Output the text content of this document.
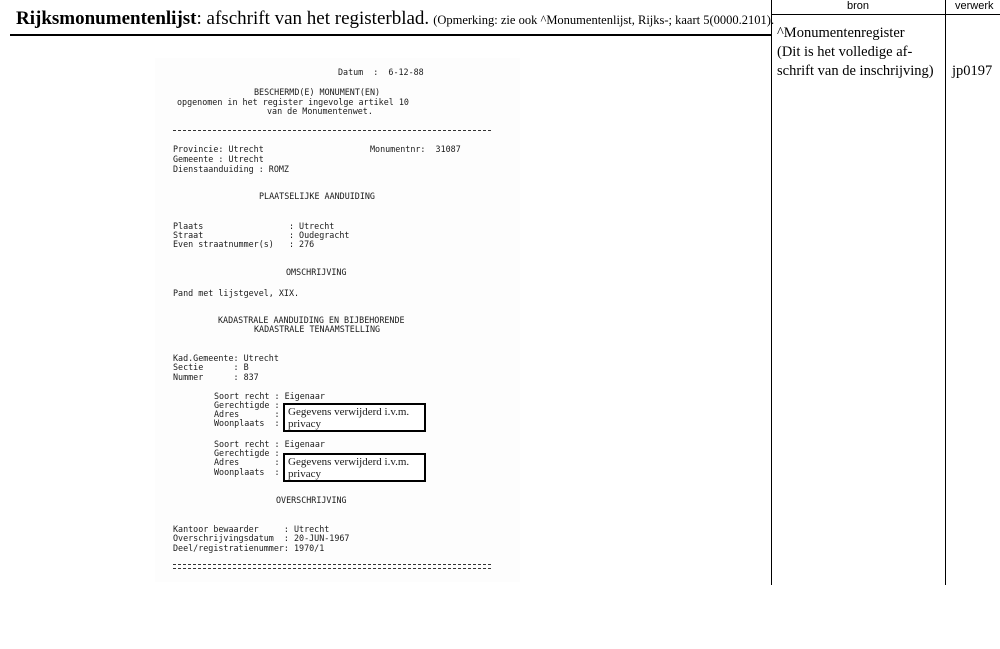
Rijksmonumentenlijst: afschrift van het registerblad. (Opmerking: zie ook ^Monumentenlijst, Rijks-; kaart 5(0000.2101).
bron	verwerk
^Monumentenregister
(Dit is het volledige af-
schrift van de inschrijving)	jp0197
Datum  :  6-12-88
BESCHERMD(E) MONUMENT(EN)
opgenomen in het register ingevolge artikel 10
van de Monumentenwet.
Provincie: Utrecht	Monumentnr:  31087
Gemeente : Utrecht
Dienstaanduiding : ROMZ
PLAATSELIJKE AANDUIDING
Plaats                 : Utrecht
Straat                 : Oudegracht
Even straatnummer(s)   : 276
OMSCHRIJVING
Pand met lijstgevel, XIX.
KADASTRALE AANDUIDING EN BIJBEHORENDE
KADASTRALE TENAAMSTELLING
Kad.Gemeente: Utrecht
Sectie      : B
Nummer      : 837
Soort recht : Eigenaar
Gerechtigde :
Adres       :
Woonplaats  :
Gegevens verwijderd i.v.m.
privacy
Soort recht : Eigenaar
Gerechtigde :
Adres       :
Woonplaats  :
Gegevens verwijderd i.v.m.
privacy
OVERSCHRIJVING
Kantoor bewaarder     : Utrecht
Overschrijvingsdatum  : 20-JUN-1967
Deel/registratienummer: 1970/1
